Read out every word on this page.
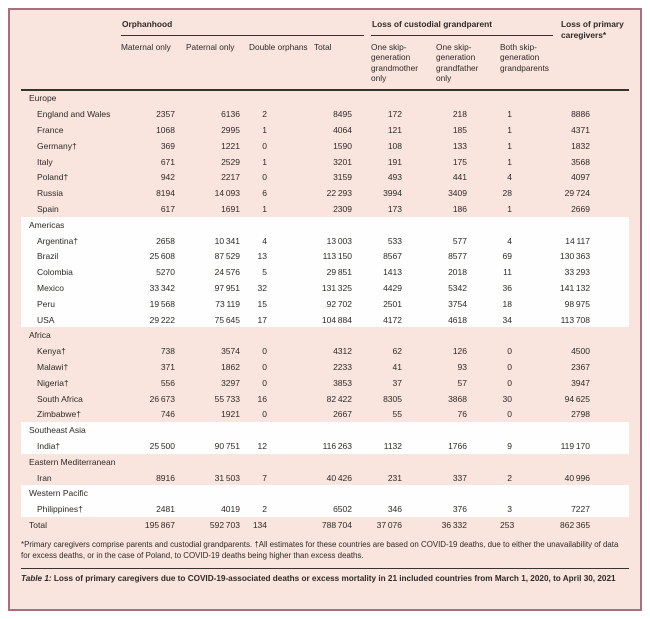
	Orphanhood				Loss of custodial grandparent			Loss of primary caregivers*
	Maternal only	Paternal only	Double orphans	Total	One skip-generation grandmother only	One skip-generation grandfather only	Both skip-generation grandparents	
Europe								
England and Wales	2357	6136	2	8495	172	218	1	8886
France	1068	2995	1	4064	121	185	1	4371
Germany†	369	1221	0	1590	108	133	1	1832
Italy	671	2529	1	3201	191	175	1	3568
Poland†	942	2217	0	3159	493	441	4	4097
Russia	8194	14 093	6	22 293	3994	3409	28	29 724
Spain	617	1691	1	2309	173	186	1	2669
Americas								
Argentina†	2658	10 341	4	13 003	533	577	4	14 117
Brazil	25 608	87 529	13	113 150	8567	8577	69	130 363
Colombia	5270	24 576	5	29 851	1413	2018	11	33 293
Mexico	33 342	97 951	32	131 325	4429	5342	36	141 132
Peru	19 568	73 119	15	92 702	2501	3754	18	98 975
USA	29 222	75 645	17	104 884	4172	4618	34	113 708
Africa								
Kenya†	738	3574	0	4312	62	126	0	4500
Malawi†	371	1862	0	2233	41	93	0	2367
Nigeria†	556	3297	0	3853	37	57	0	3947
South Africa	26 673	55 733	16	82 422	8305	3868	30	94 625
Zimbabwe†	746	1921	0	2667	55	76	0	2798
Southeast Asia								
India†	25 500	90 751	12	116 263	1132	1766	9	119 170
Eastern Mediterranean								
Iran	8916	31 503	7	40 426	231	337	2	40 996
Western Pacific								
Philippines†	2481	4019	2	6502	346	376	3	7227
Total	195 867	592 703	134	788 704	37 076	36 332	253	862 365
*Primary caregivers comprise parents and custodial grandparents. †All estimates for these countries are based on COVID-19 deaths, due to either the unavailability of data for excess deaths, or in the case of Poland, to COVID-19 deaths being higher than excess deaths.
Table 1: Loss of primary caregivers due to COVID-19-associated deaths or excess mortality in 21 included countries from March 1, 2020, to April 30, 2021
